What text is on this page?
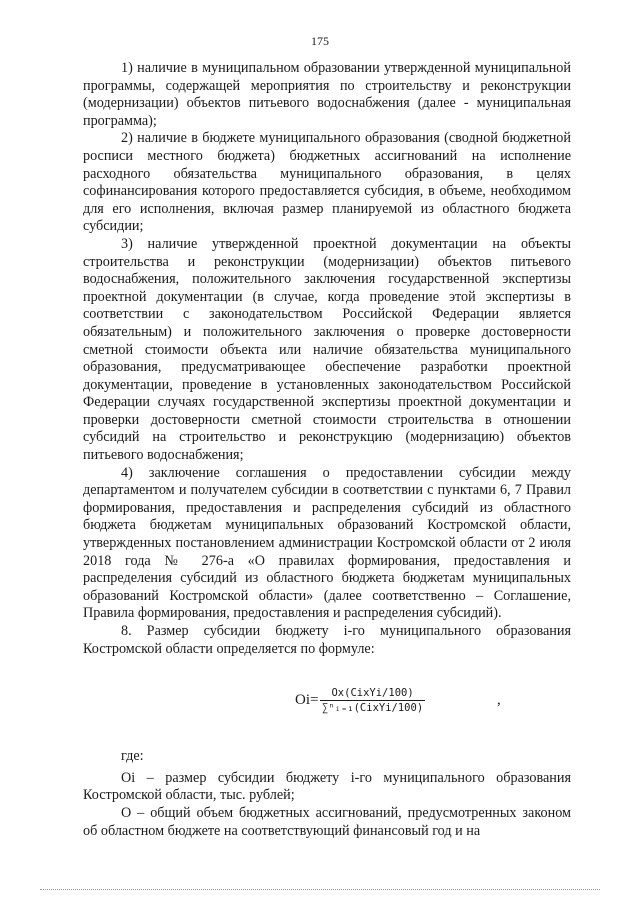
175

1) наличие в муниципальном образовании утвержденной муниципальной программы, содержащей мероприятия по строительству и реконструкции (модернизации) объектов питьевого водоснабжения (далее - муниципальная программа);

2) наличие в бюджете муниципального образования (сводной бюджетной росписи местного бюджета) бюджетных ассигнований на исполнение расходного обязательства муниципального образования, в целях софинансирования которого предоставляется субсидия, в объеме, необходимом для его исполнения, включая размер планируемой из областного бюджета субсидии;

3) наличие утвержденной проектной документации на объекты строительства и реконструкции (модернизации) объектов питьевого водоснабжения, положительного заключения государственной экспертизы проектной документации (в случае, когда проведение этой экспертизы в соответствии с законодательством Российской Федерации является обязательным) и положительного заключения о проверке достоверности сметной стоимости объекта или наличие обязательства муниципального образования, предусматривающее обеспечение разработки проектной документации, проведение в установленных законодательством Российской Федерации случаях государственной экспертизы проектной документации и проверки достоверности сметной стоимости строительства в отношении субсидий на строительство и реконструкцию (модернизацию) объектов питьевого водоснабжения;

4) заключение соглашения о предоставлении субсидии между департаментом и получателем субсидии в соответствии с пунктами 6, 7 Правил формирования, предоставления и распределения субсидий из областного бюджета бюджетам муниципальных образований Костромской области, утвержденных постановлением администрации Костромской области от 2 июля 2018 года № 276-а «О правилах формирования, предоставления и распределения субсидий из областного бюджета бюджетам муниципальных образований Костромской области» (далее соответственно – Соглашение, Правила формирования, предоставления и распределения субсидий).

8. Размер субсидии бюджету i-го муниципального образования Костромской области определяется по формуле:

Oi=	Ox(CixYi/100)
∑ⁿᵢ₌₁(CixYi/100)	,

где:

Oi – размер субсидии бюджету i-го муниципального образования Костромской области, тыс. рублей;

O – общий объем бюджетных ассигнований, предусмотренных законом об областном бюджете на соответствующий финансовый год и на
